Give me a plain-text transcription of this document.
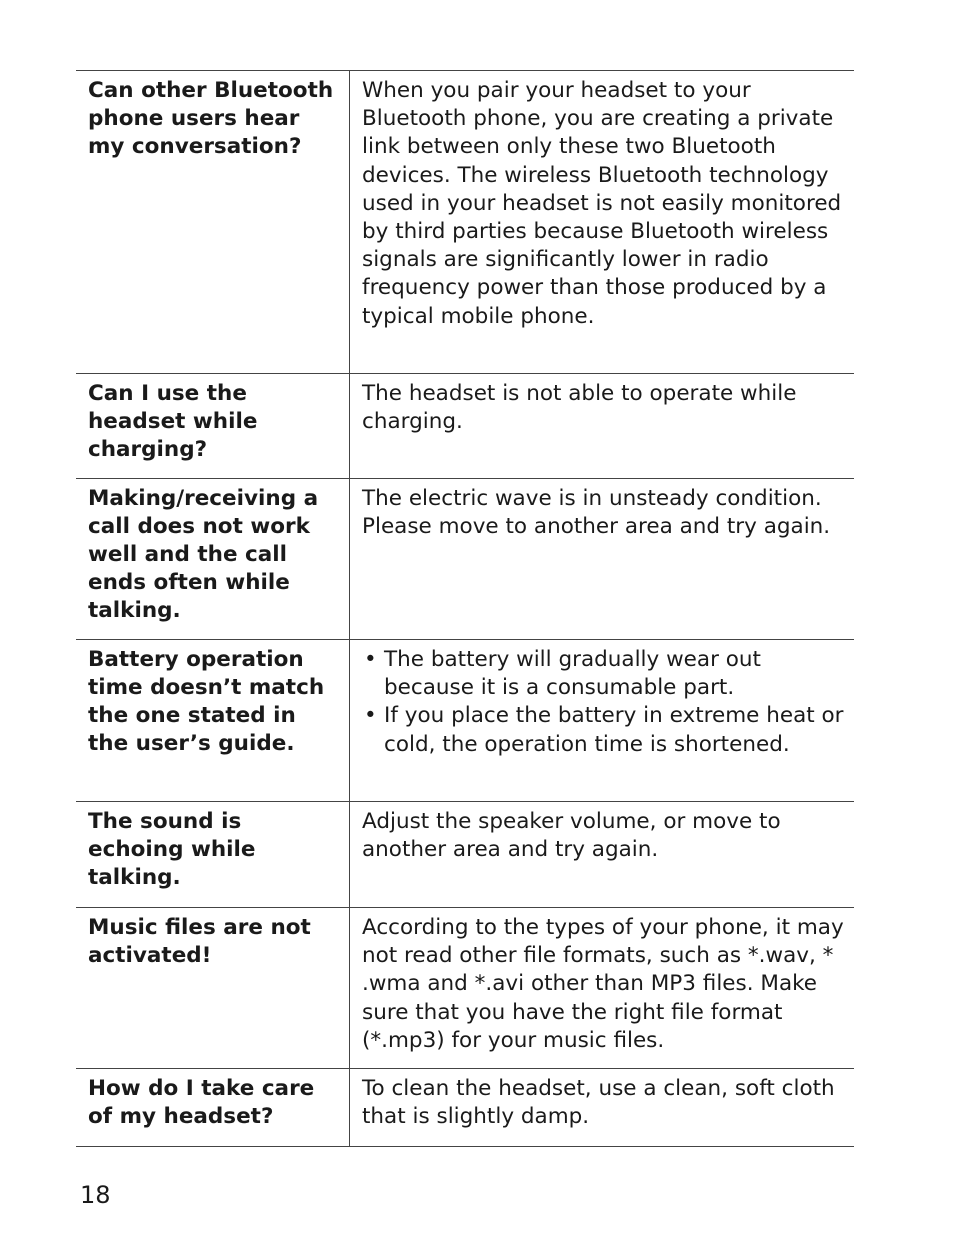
Can other Bluetooth phone users hear my conversation?
When you pair your headset to your Bluetooth phone, you are creating a private link between only these two Bluetooth devices. The wireless Bluetooth technology used in your headset is not easily monitored by third parties because Bluetooth wireless signals are significantly lower in radio frequency power than those produced by a typical mobile phone.
Can I use the headset while charging?
The headset is not able to operate while charging.
Making/receiving a call does not work well and the call ends often while talking.
The electric wave is in unsteady condition. Please move to another area and try again.
Battery operation time doesn’t match the one stated in the user’s guide.
• The battery will gradually wear out because it is a consumable part.
• If you place the battery in extreme heat or cold, the operation time is shortened.
The sound is echoing while talking.
Adjust the speaker volume, or move to another area and try again.
Music files are not activated!
According to the types of your phone, it may not read other file formats, such as *.wav, * .wma and *.avi other than MP3 files. Make sure that you have the right file format (*.mp3) for your music files.
How do I take care of my headset?
To clean the headset, use a clean, soft cloth that is slightly damp.
18
